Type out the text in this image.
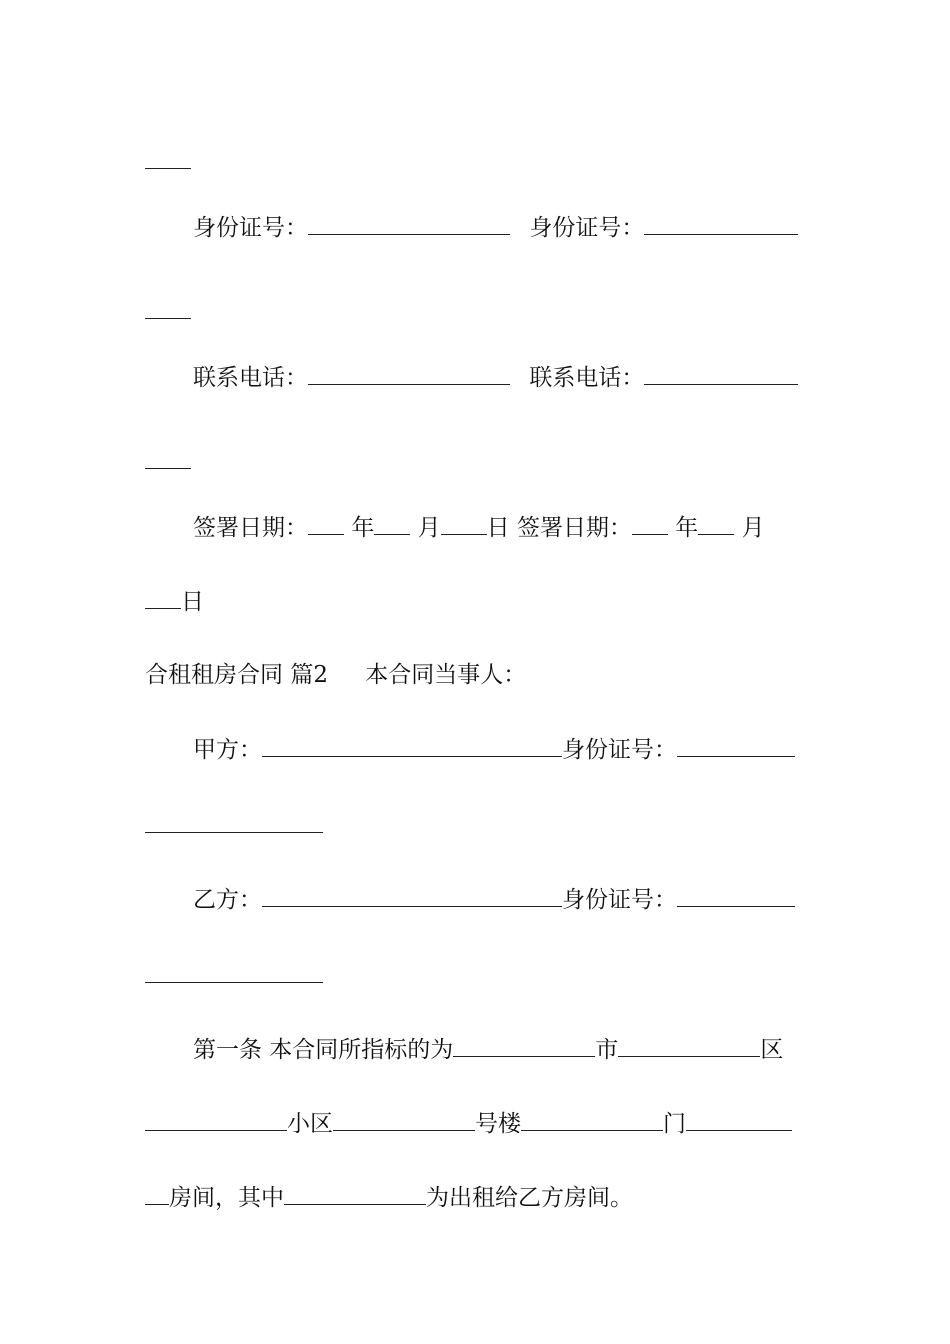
身份证号：	身份证号：
联系电话：	联系电话：
签署日期： 年 月 日 签署日期： 年 月
日
合租租房合同 篇2 本合同当事人：
甲方：	身份证号：
乙方：	身份证号：
第一条 本合同所指标的为	市	区
小区	号楼	门
房间，其中	为出租给乙方房间。
